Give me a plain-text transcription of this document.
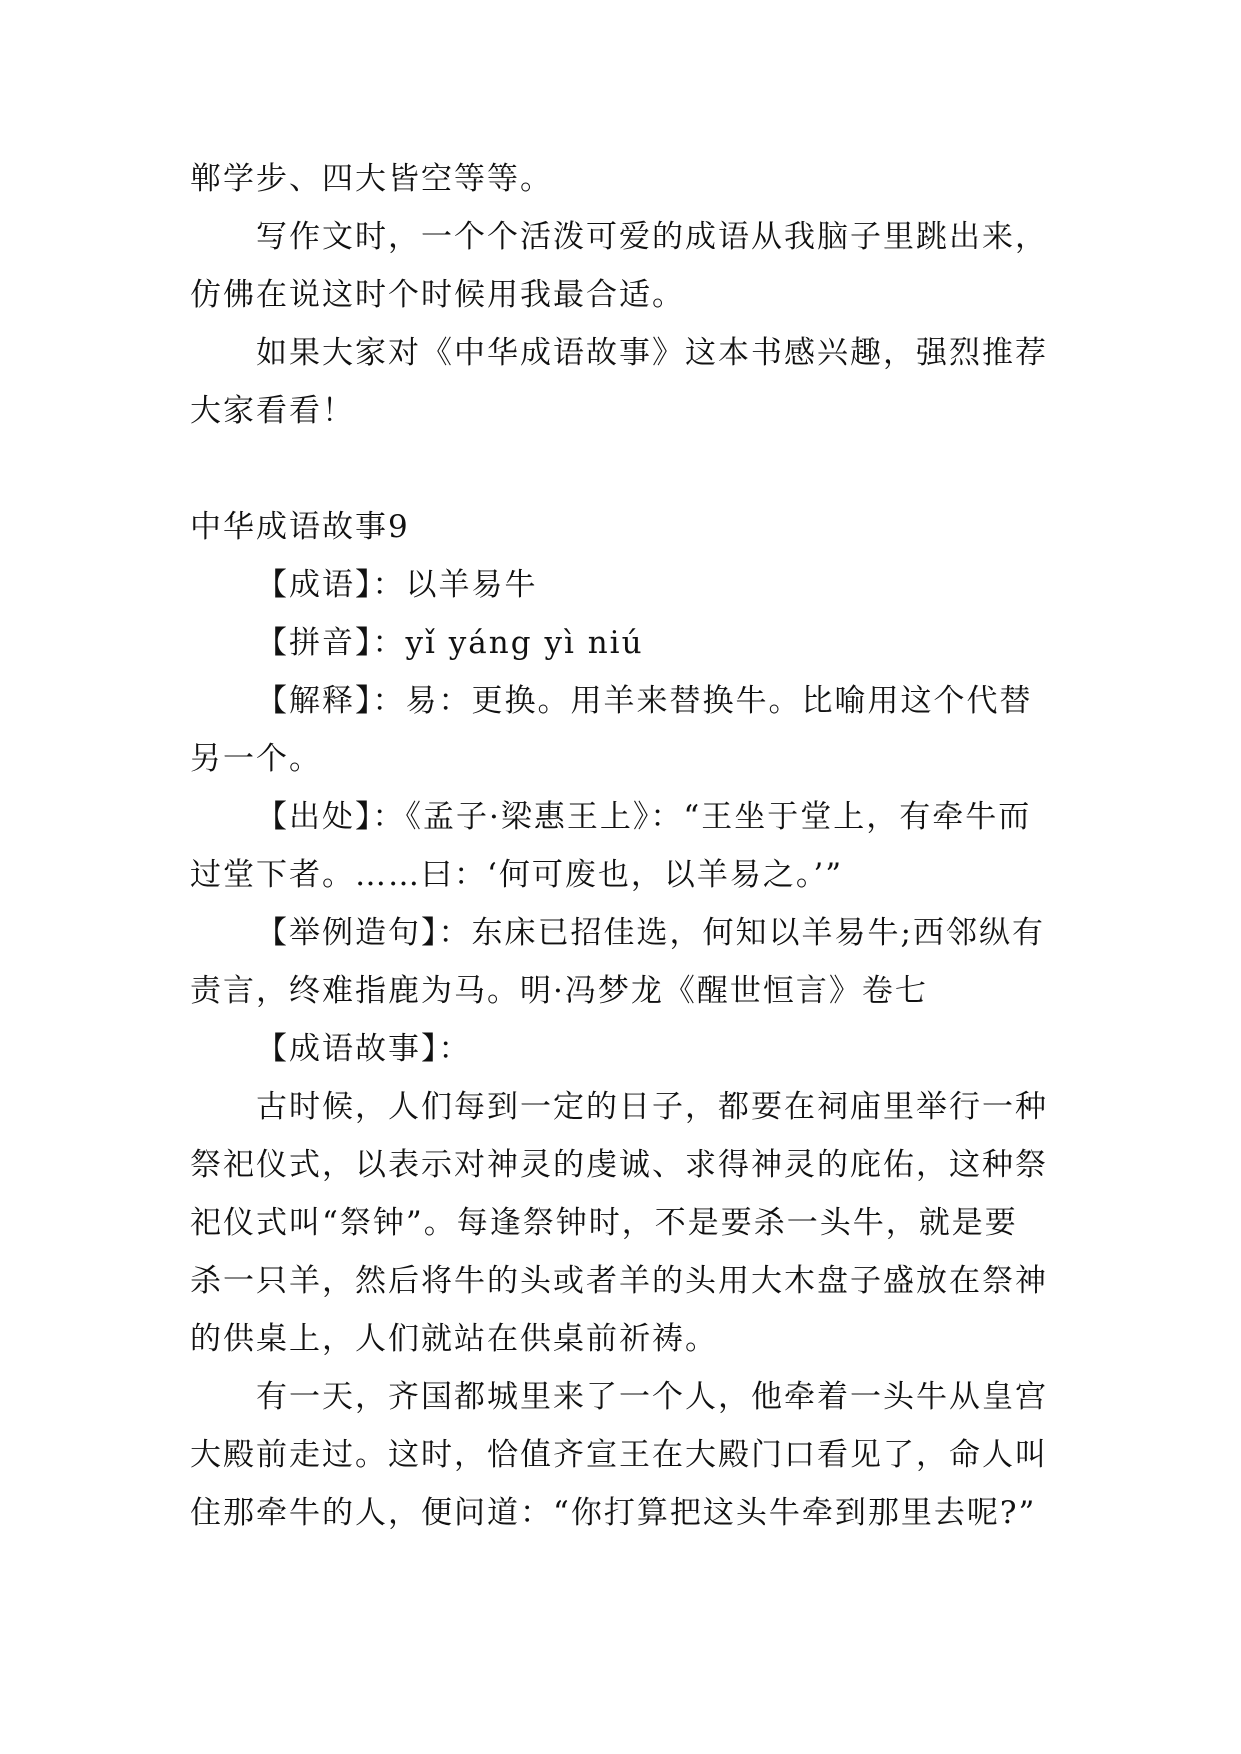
郸学步、四大皆空等等。

写作文时，一个个活泼可爱的成语从我脑子里跳出来，仿佛在说这时个时候用我最合适。

如果大家对《中华成语故事》这本书感兴趣，强烈推荐大家看看！

中华成语故事9

【成语】：以羊易牛

【拼音】：yǐ yáng yì niú

【解释】：易：更换。用羊来替换牛。比喻用这个代替另一个。

【出处】：《孟子·梁惠王上》：“王坐于堂上，有牵牛而过堂下者。……曰：‘何可废也，以羊易之。’”

【举例造句】：东床已招佳选，何知以羊易牛;西邻纵有责言，终难指鹿为马。明·冯梦龙《醒世恒言》卷七

【成语故事】：

古时候，人们每到一定的日子，都要在祠庙里举行一种祭祀仪式，以表示对神灵的虔诚、求得神灵的庇佑，这种祭祀仪式叫“祭钟”。每逢祭钟时，不是要杀一头牛，就是要杀一只羊，然后将牛的头或者羊的头用大木盘子盛放在祭神的供桌上，人们就站在供桌前祈祷。

有一天，齐国都城里来了一个人，他牵着一头牛从皇宫大殿前走过。这时，恰值齐宣王在大殿门口看见了，命人叫住那牵牛的人，便问道：“你打算把这头牛牵到那里去呢?”
